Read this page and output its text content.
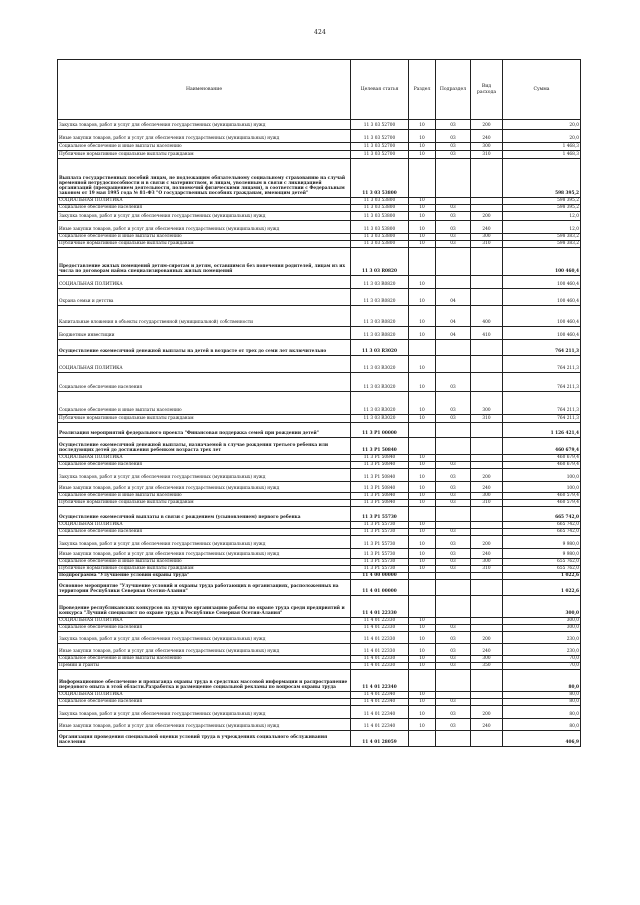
424
Наименование	Целевая статья	Раздел	Подраздел	Вид расхода	Сумма
Закупка товаров, работ и услуг для обеспечения государственных (муниципальных) нужд	11 3 03 52700	10	03	200	20,0
Иные закупки товаров, работ и услуг для обеспечения государственных (муниципальных) нужд	11 3 03 52700	10	03	240	20,0
Социальное обеспечение и иные выплаты населению	11 3 03 52700	10	03	300	1 468,3
Публичные нормативные социальные выплаты гражданам	11 3 03 52700	10	03	310	1 468,3
Выплата государственных пособий лицам, не подлежащим обязательному социальному страхованию на случай временной нетрудоспособности и в связи с материнством, и лицам, уволенным в связи с ликвидацией организаций (прекращением деятельности, полномочий физическими лицами), в соответствии с Федеральным законом от 19 мая 1995 года № 81-ФЗ "О государственных пособиях гражданам, имеющим детей"	11 3 03 53800				598 395,2
СОЦИАЛЬНАЯ ПОЛИТИКА	11 3 03 53800	10			598 395,2
Социальное обеспечение населения	11 3 03 53800	10	03		598 395,2
Закупка товаров, работ и услуг для обеспечения государственных (муниципальных) нужд	11 3 03 53800	10	03	200	12,0
Иные закупки товаров, работ и услуг для обеспечения государственных (муниципальных) нужд	11 3 03 53800	10	03	240	12,0
Социальное обеспечение и иные выплаты населению	11 3 03 53800	10	03	300	598 383,2
Публичные нормативные социальные выплаты гражданам	11 3 03 53800	10	03	310	598 383,2
Предоставление жилых помещений детям-сиротам и детям, оставшимся без попечения родителей, лицам из их числа по договорам найма специализированных жилых помещений	11 3 03 R0820				100 460,4
СОЦИАЛЬНАЯ ПОЛИТИКА	11 3 03 R0820	10			100 460,4
Охрана семьи и детства	11 3 03 R0820	10	04		100 460,4
Капитальные вложения в объекты государственной (муниципальной) собственности	11 3 03 R0820	10	04	400	100 460,4
Бюджетные инвестиции	11 3 03 R0820	10	04	410	100 460,4
Осуществление ежемесячной денежной выплаты на детей в возрасте от трех до семи лет включительно	11 3 03 R3020				764 211,3
СОЦИАЛЬНАЯ ПОЛИТИКА	11 3 03 R3020	10			764 211,3
Социальное обеспечение населения	11 3 03 R3020	10	03		764 211,3
Социальное обеспечение и иные выплаты населению	11 3 03 R3020	10	03	300	764 211,3
Публичные нормативные социальные выплаты гражданам	11 3 03 R3020	10	03	310	764 211,3
Реализация мероприятий федерального проекта "Финансовая поддержка семей при рождении детей"	11 3 P1 00000				1 126 421,4
Осуществление ежемесячной денежной выплаты, назначаемой в случае рождения третьего ребенка или последующих детей до достижения ребенком возраста трех лет	11 3 P1 50840				460 679,4
СОЦИАЛЬНАЯ ПОЛИТИКА	11 3 P1 50840	10			460 679,4
Социальное обеспечение населения	11 3 P1 50840	10	03		460 679,4
Закупка товаров, работ и услуг для обеспечения государственных (муниципальных) нужд	11 3 P1 50840	10	03	200	100,0
Иные закупки товаров, работ и услуг для обеспечения государственных (муниципальных) нужд	11 3 P1 50840	10	03	240	100,0
Социальное обеспечение и иные выплаты населению	11 3 P1 50840	10	03	300	460 579,4
Публичные нормативные социальные выплаты гражданам	11 3 P1 50840	10	03	310	460 579,4
Осуществление ежемесячной выплаты в связи с рождением (усыновлением) первого ребенка	11 3 P1 55730				665 742,0
СОЦИАЛЬНАЯ ПОЛИТИКА	11 3 P1 55730	10			665 742,0
Социальное обеспечение населения	11 3 P1 55730	10	03		665 742,0
Закупка товаров, работ и услуг для обеспечения государственных (муниципальных) нужд	11 3 P1 55730	10	03	200	9 980,0
Иные закупки товаров, работ и услуг для обеспечения государственных (муниципальных) нужд	11 3 P1 55730	10	03	240	9 980,0
Социальное обеспечение и иные выплаты населению	11 3 P1 55730	10	03	300	655 762,0
Публичные нормативные социальные выплаты гражданам	11 3 P1 55730	10	03	310	655 762,0
Подпрограмма "Улучшение условий охраны труда"	11 4 00 00000				1 022,6
Основное мероприятие "Улучшение условий и охраны труда работающих в организациях, расположенных на территории Республики Северная Осетия-Алания"	11 4 01 00000				1 022,6
Проведение республиканских конкурсов на лучшую организацию работы по охране труда среди предприятий и конкурса "Лучший специалист по охране труда в Республике Северная Осетия-Алания"	11 4 01 22330				300,0
СОЦИАЛЬНАЯ ПОЛИТИКА	11 4 01 22330	10			300,0
Социальное обеспечение населения	11 4 01 22330	10	03		300,0
Закупка товаров, работ и услуг для обеспечения государственных (муниципальных) нужд	11 4 01 22330	10	03	200	230,0
Иные закупки товаров, работ и услуг для обеспечения государственных (муниципальных) нужд	11 4 01 22330	10	03	240	230,0
Социальное обеспечение и иные выплаты населению	11 4 01 22330	10	03	300	70,0
Премии и гранты	11 4 01 22330	10	03	350	70,0
Информационное обеспечение и пропаганда охраны труда в средствах массовой информации и распространение передового опыта в этой области.Разработка и размещение социальной рекламы по вопросам охраны труда	11 4 01 22340				80,0
СОЦИАЛЬНАЯ ПОЛИТИКА	11 4 01 22340	10			80,0
Социальное обеспечение населения	11 4 01 22340	10	03		80,0
Закупка товаров, работ и услуг для обеспечения государственных (муниципальных) нужд	11 4 01 22340	10	03	200	80,0
Иные закупки товаров, работ и услуг для обеспечения государственных (муниципальных) нужд	11 4 01 22340	10	03	240	80,0
Организация проведения специальной оценки условий труда в учреждениях социального обслуживания населения	11 4 01 28059				406,9
